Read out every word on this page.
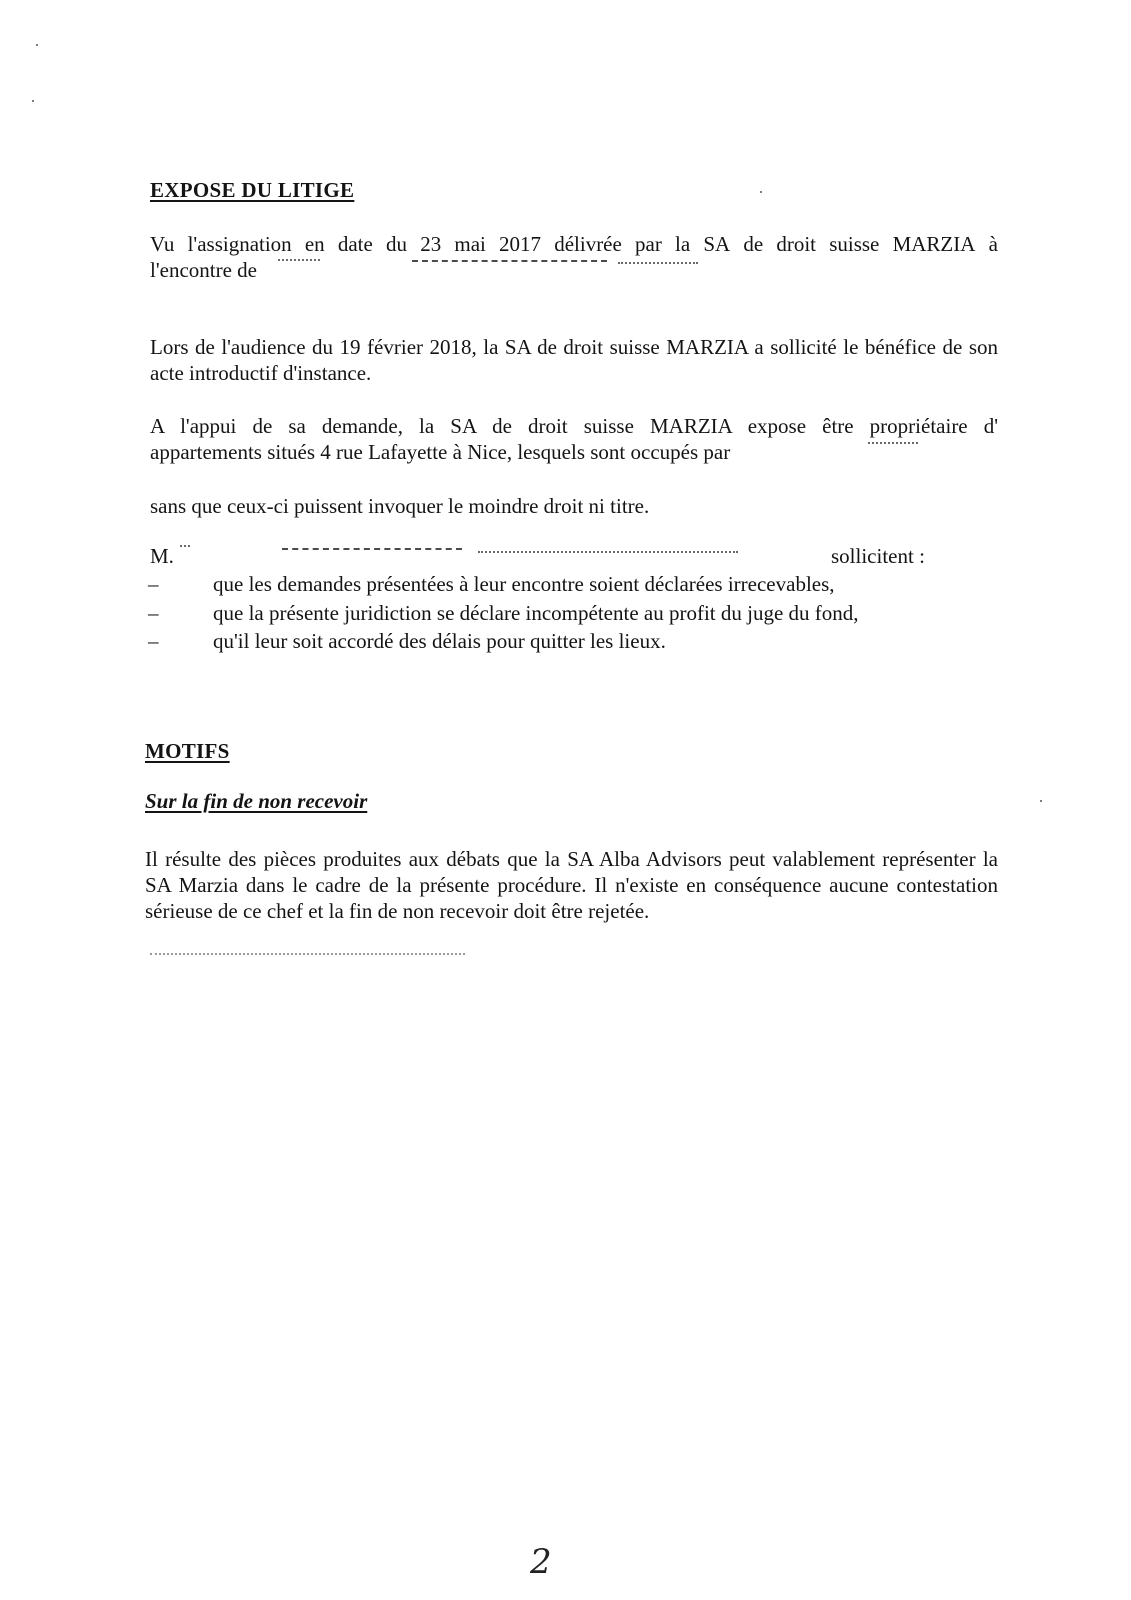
EXPOSE DU LITIGE
Vu l'assignation en date du 23 mai 2017 délivrée par la SA de droit suisse MARZIA à
l'encontre de
Lors de l'audience du 19 février 2018, la SA de droit suisse MARZIA a sollicité le bénéfice de son acte introductif d'instance.
A l'appui de sa demande, la SA de droit suisse MARZIA expose être propriétaire d'
appartements situés 4 rue Lafayette à Nice, lesquels sont occupés par
sans que ceux-ci puissent invoquer le moindre droit ni titre.
M.	sollicitent :
–	que les demandes présentées à leur encontre soient déclarées irrecevables,
–	que la présente juridiction se déclare incompétente au profit du juge du fond,
–	qu'il leur soit accordé des délais pour quitter les lieux.
MOTIFS
Sur la fin de non recevoir
Il résulte des pièces produites aux débats que la SA Alba Advisors peut valablement représenter la SA Marzia dans le cadre de la présente procédure. Il n'existe en conséquence aucune contestation sérieuse de ce chef et la fin de non recevoir doit être rejetée.
2
